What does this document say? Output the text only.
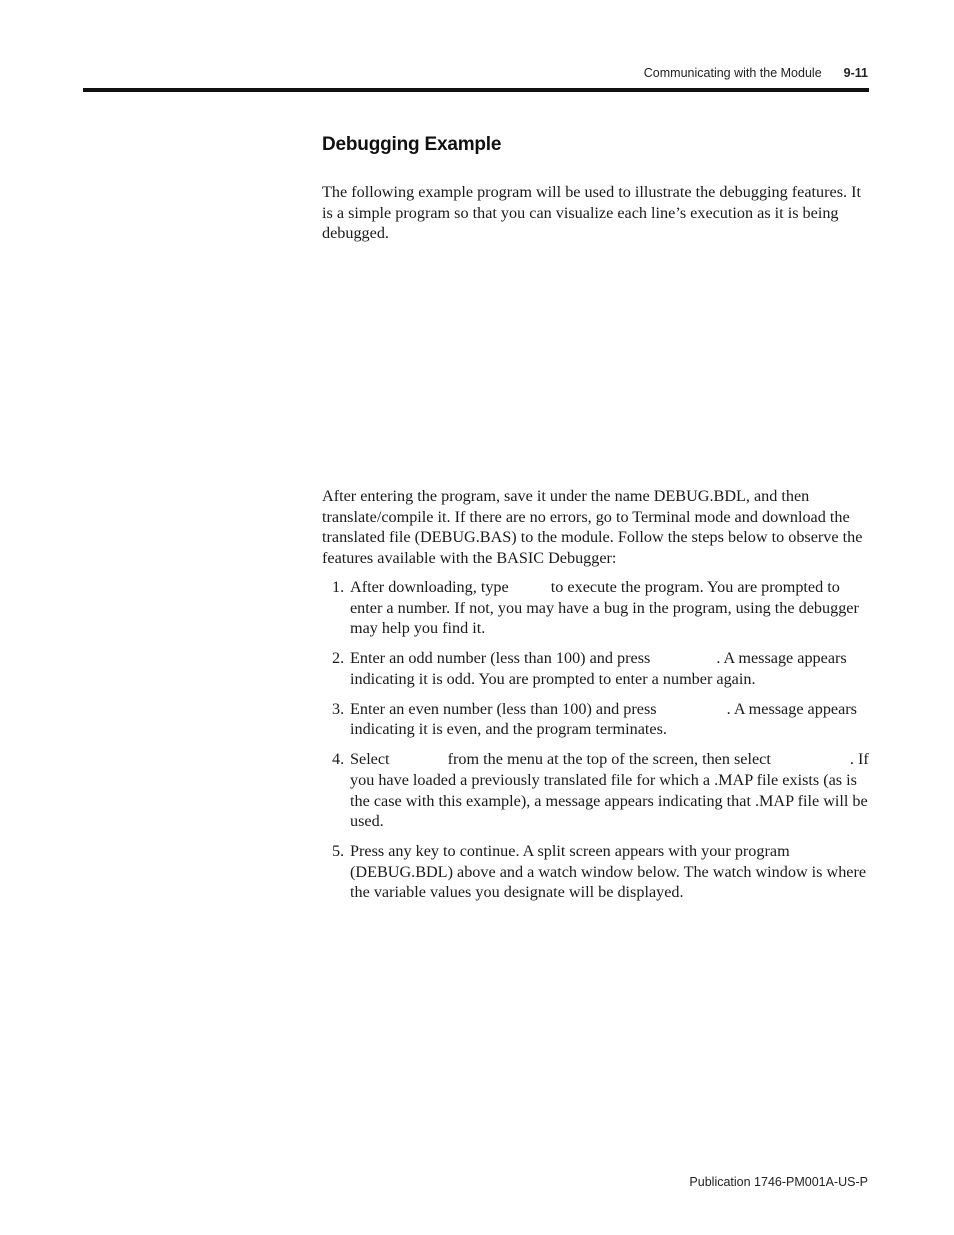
Communicating with the Module 9-11
Debugging Example

The following example program will be used to illustrate the debugging features. It is a simple program so that you can visualize each line’s execution as it is being debugged.

After entering the program, save it under the name DEBUG.BDL, and then translate/compile it. If there are no errors, go to Terminal mode and download the translated file (DEBUG.BAS) to the module. Follow the steps below to observe the features available with the BASIC Debugger:

1. After downloading, type	to execute the program. You are prompted to enter a number. If not, you may have a bug in the program, using the debugger may help you find it.
2. Enter an odd number (less than 100) and press	. A message appears indicating it is odd. You are prompted to enter a number again.
3. Enter an even number (less than 100) and press	. A message appears indicating it is even, and the program terminates.
4. Select	from the menu at the top of the screen, then select	. If you have loaded a previously translated file for which a .MAP file exists (as is the case with this example), a message appears indicating that .MAP file will be used.
5. Press any key to continue. A split screen appears with your program (DEBUG.BDL) above and a watch window below. The watch window is where the variable values you designate will be displayed.
Publication 1746-PM001A-US-P
